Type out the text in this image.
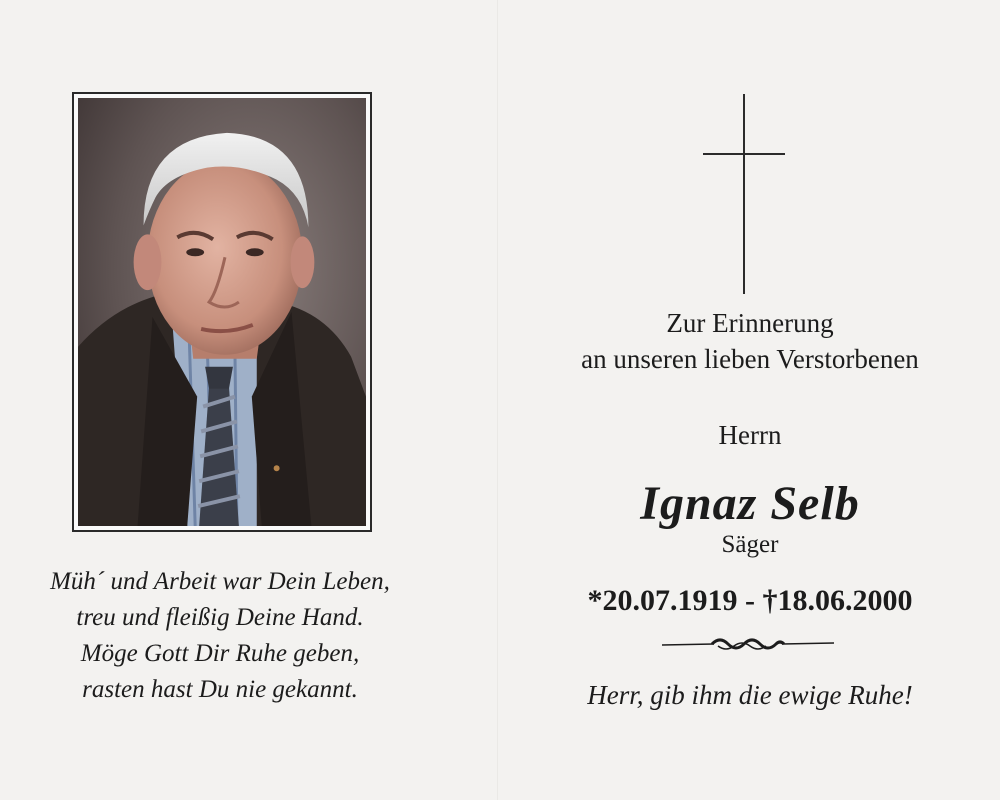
Müh´ und Arbeit war Dein Leben,
treu und fleißig Deine Hand.
Möge Gott Dir Ruhe geben,
rasten hast Du nie gekannt.
Zur Erinnerung
an unseren lieben Verstorbenen
Herrn
Ignaz Selb
Säger
*20.07.1919 - †18.06.2000
Herr, gib ihm die ewige Ruhe!
